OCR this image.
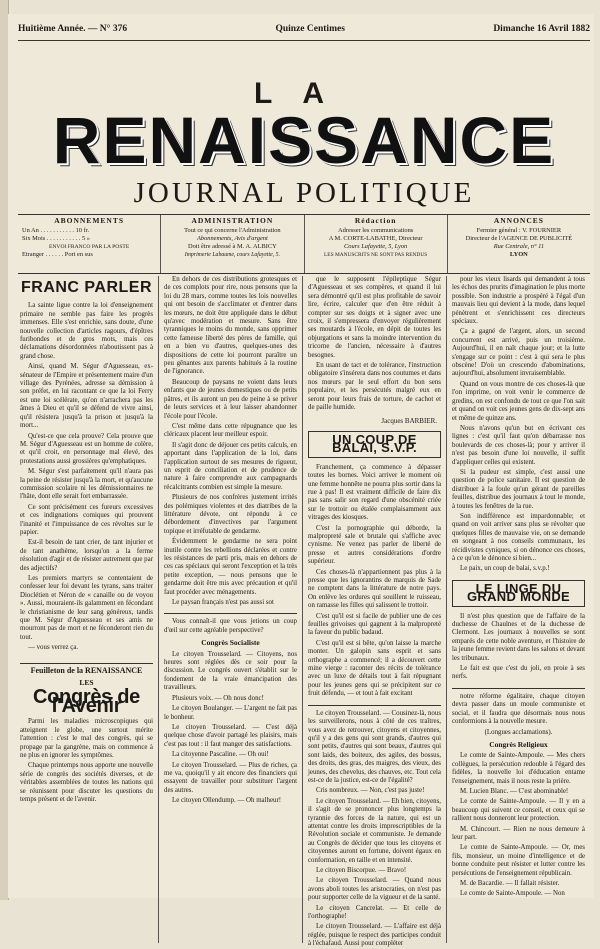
Huitième Année. — N° 376	Quinze Centimes	Dimanche 16 Avril 1882
LA
RENAISSANCE
JOURNAL POLITIQUE
ABONNEMENTS
Un An . . . . . . . . . . . 10 fr.
Six Mois . . . . . . . . . . . 5 »
ENVOI FRANCO PAR LA POSTE
Etranger . . . . . . Port en sus
ADMINISTRATION
Tout ce qui concerne l'Administration
Abonnements, Avis d'argent
Doit être adressé à M. A. ALBICY
Imprimerie Labaume, cours Lafayette, 5.
Rédaction
Adresser les communications
A M. CORTE-LABATHE, Directeur
Cours Lafayette, 5, Lyon
LES MANUSCRITS NE SONT PAS RENDUS
ANNONCES
Fermier général : V. FOURNIER
Directeur de l'AGENCE DE PUBLICITÉ
Rue Centrale, n° 11
LYON
FRANC PARLER

La sainte ligue contre la loi d'enseignement primaire ne semble pas faire les progrès immenses. Elle s'est enrichie, sans doute, d'une nouvelle collection d'articles ragours, d'épîtres furibondes et de gros mots, mais ces déclamations désordonnées n'aboutissent pas à grand chose.

Ainsi, quand M. Ségur d'Aguesseau, ex-sénateur de l'Empire et présentement maire d'un village des Pyrénées, adresse sa démission à son préfet, en lui racontant ce que la loi Ferry est une loi scélérate, qu'on n'arrachera pas les âmes à Dieu et qu'il se défend de vivre ainsi, qu'il résistera jusqu'à la prison et jusqu'à la mort...

Qu'est-ce que cela prouve? Cela prouve que M. Ségur d'Aguesseau est un homme de colère, et qu'il croit, en personnage mal élevé, des protestations aussi grossières qu'emphatiques.

M. Ségur s'est parfaitement qu'il n'aura pas la peine de résister jusqu'à la mort, et qu'aucune commission scolaire ni les démissionnaires ne l'hâte, dont elle serait fort embarrassée.

Ce sont précisément ces fureurs excessives et ces indignations comiques qui prouvent l'inanité et l'impuissance de ces révoltes sur le papier.

Est-il besoin de tant crier, de tant injurier et de tant anathème, lorsqu'on a la ferme résolution d'agir et de résister autrement que par des adjectifs?

Les premiers martyrs se contentaient de confesser leur foi devant les tyrans, sans traiter Dioclétien et Néron de « canaille ou de voyou ». Aussi, mouraient-ils galamment en fécondant le christianisme de leur sang généreux, tandis que M. Ségur d'Aguesseau et ses amis ne mourront pas de mort et ne féconderont rien du tout.

— vous verrez ça.

Feuilleton de la RENAISSANCE
LES
Congrès de l'Avenir

Parmi les maladies microscopiques qui atteignent le globe, une surtout mérite l'attention : c'est le mal des congrès, qui se propage par la gangrène, mais on commence à ne plus en ignorer les symptômes.

Chaque printemps nous apporte une nouvelle série de congrès des sociétés diverses, et de véritables assemblées de toutes les nations qui se réunissent pour discuter les questions du temps présent et de l'avenir.

En dehors de ces distributions grotesques et de ces complots pour rire, nous pensons que la loi du 28 mars, comme toutes les lois nouvelles qui ont besoin de s'acclimater et d'entrer dans les mœurs, ne doit être appliquée dans le début qu'avec modération et mesure. Sans être tyranniques le moins du monde, sans opprimer cette fameuse liberté des pères de famille, qui en a bien vu d'autres, quelques-unes des dispositions de cette loi pourront paraître un peu gênantes aux parents habitués à la routine de l'ignorance.

Beaucoup de paysans ne voient dans leurs enfants que de jeunes domestiques ou de petits pâtres, et ils auront un peu de peine à se priver de leurs services et à leur laisser abandonner l'école pour l'école.

C'est même dans cette répugnance que les cléricaux placent leur meilleur espoir.

Il s'agit donc de déjouer ces petits calculs, en apportant dans l'application de la loi, dans l'application surtout de ses mesures de rigueur, un esprit de conciliation et de prudence de nature à faire comprendre aux campagnards récalcitrants combien est simple la mesure.

Plusieurs de nos confrères justement irrités des polémiques violentes et des diatribes de la littérature dévote, ont répondu à ce débordement d'invectives par l'argument topique et irréfutable de gendarme.

Évidemment le gendarme ne sera point inutile contre les rebellions déclarées et contre les résistances de parti pris, mais en dehors de ces cas spéciaux qui seront l'exception et la très petite exception, — nous pensons que le gendarme doit être mis avec précaution et qu'il faut procéder avec ménagements.

Le paysan français n'est pas aussi sot

Vous connaît-il que vous jetions un coup d'œil sur cette agréable perspective?

Congrès Socialiste

Le citoyen Trousselard. — Citoyens, nos heures sont réglées dès ce soir pour la discussion. Le congrès ouvert s'établit sur le fondement de la vraie émancipation des travailleurs.

Plusieurs voix. — Oh nous donc!

Le citoyen Boulanger. — L'argent ne fait pas le bonheur.

Le citoyen Trousselard. — C'est déjà quelque chose d'avoir partagé les plaisirs, mais c'est pas tout : il faut manger des satisfactions.

La citoyenne Pascaline. — Oh oui!

Le citoyen Trousselard. — Plus de riches, ça me va, quoiqu'il y ait encore des financiers qui essayent de travailler pour substituer l'argent des autres.

Le citoyen Ollendump. — Oh malheur!

que le supposent l'épileptique Ségur d'Aguesseau et ses compères, et quand il lui sera démontré qu'il est plus profitable de savoir lire, écrire, calculer que d'en être réduit à compter sur ses doigts et à signer avec une croix, il s'empressera d'envoyer régulièrement ses moutards à l'école, en dépit de toutes les objurgations et sans la moindre intervention du tricorne de l'ancien, nécessaire à d'autres besognes.

En usant de tact et de tolérance, l'instruction obligatoire s'insérera dans nos coutumes et dans nos mœurs par le seul effort du bon sens populaire, et les persécutés malgré eux en seront pour leurs frais de torture, de cachot et de paille humide.

Jacques BARBIER.
UN COUP DE BALAI, S.V.P.

Franchement, ça commence à dépasser toutes les bornes. Voici arriver le moment où une femme honnête ne pourra plus sortir dans la rue à pas! Il est vraiment difficile de faire dix pas sans salir son regard d'une obscénité criée sur le trottoir ou étalée complaisamment aux vitrages des kiosques.

C'est la pornographie qui déborde, la malpropreté sale et brutale qui s'affiche avec cynisme. Ne venez pas parler de liberté de presse et autres considérations d'ordre supérieur.

Ces choses-là n'appartiennent pas plus à la presse que les ignorantins de marquis de Sade ne comptent dans la littérature de notre pays. On enlève les ordures qui souillent le ruisseau, on ramasse les filles qui salissent le trottoir.

C'est qu'il est si facile de publier une de ces feuilles grivoises qui gagnent à la malpropreté la faveur du public badaud.

C'est qu'il est si bête, qu'on laisse la marche monter. Un galopin sans esprit et sans orthographe a commencé; il a découvert cette mine vierge : raconter des récits de tolérance avec un luxe de détails tout à fait répugnant pour les jeunes gens qui se précipitent sur ce fruit défendu, — et tout à fait excitant

Le citoyen Trousselard. — Cousinez-là, nous les surveillerons, nous à côté de ces traîtres, vous avez de retrouver, citoyens et citoyennes, qu'il y a des gens qui sont grands, d'autres qui sont petits, d'autres qui sont beaux, d'autres qui sont laids, des boiteux, des agiles, des bossus, des droits, des gras, des maigres, des vieux, des jeunes, des chevelus, des chauves, etc. Tout cela est-ce de la justice, est-ce de l'égalité?

Cris nombreux. — Non, c'est pas juste!

Le citoyen Trousselard. — Eh bien, citoyens, il s'agit de se prononcer plus longtemps la tyrannie des forces de la nature, qui est un attentat contre les droits imprescriptibles de la Révolution sociale et communiste. Je demande au Congrès de décider que tous les citoyens et citoyennes auront en fortune, doivent égaux en conformation, en taille et en intensité.

Le citoyen Biscorpue. — Bravo!

Le citoyen Trousselard. — Quand nous avons aboli toutes les aristocraties, on n'est pas pour supporter celle de la vigueur et de la santé.

Le citoyen Cancrelat. — Et celle de l'orthographe!

Le citoyen Trousselard. — L'affaire est déjà réglée, puisque le respect des participes conduit à l'échafaud. Aussi pour compléter

pour les vieux lisards qui demandent à tous les échos des prurits d'imagination le plus morte possible. Son industrie a prospéré à l'égal d'un mauvais lieu qui devient à la mode, dans lequel pénètrent et s'enrichissent ces directeurs spéciaux.

Ça a gagné de l'argent, alors, un second concurrent est arrivé, puis un troisième. Aujourd'hui, il en naît chaque jour; et la lutte s'engage sur ce point : c'est à qui sera le plus obscène! D'où un crescendo d'abominations, aujourd'hui, absolument invraisemblable.

Quand on vous montre de ces choses-là que l'on imprime, on voit venir le commerce de gredins, on est confondu de tout ce que l'on sait et quand on voit ces jeunes gens de dix-sept ans et même de quinze ans.

Nous n'avons qu'un but en écrivant ces lignes : c'est qu'il faut qu'on débarrasse nos boulevards de ces choses-là; pour y arriver il n'est pas besoin d'une loi nouvelle, il suffit d'appliquer celles qui existent.

Si la pudeur est simple, c'est aussi une question de police sanitaire. Il est question de distribuer à la foule qu'un gérant de pareilles feuilles, distribue des journaux à tout le monde, à toutes les fenêtres de la rue.

Son indifférence est impardonnable; et quand on voit arriver sans plus se révolter que quelques filles de mauvaise vie, on se demande en songeant à nos conseils communaux, les récidivistes cyniques, si on dénonce ces choses, à ce qu'on le dénonce si bien...

Le paix, un coup de balai, s.v.p.!

LE LINGE DU GRAND MONDE

Il n'est plus question que de l'affaire de la duchesse de Chaulnes et de la duchesse de Clermont. Les journaux à nouvelles se sont emparés de cette noble aventure, et l'histoire de la jeune femme revient dans les salons et devant les tribunaux.

Le fait est que c'est du joli, en proie à ses nerfs.

notre réforme égalitaire, chaque citoyen devra passer dans un moule communiste et social, et il faudra que désormais nous nous conformions à la nouvelle mesure.

(Longues acclamations).

Congrès Religieux

Le comte de Sainte-Ampoule. — Mes chers collègues, la persécution redouble à l'égard des fidèles, la nouvelle loi d'éducation entame l'enseignement, mais il nous reste la prière.

M. Lucien Blanc. — C'est abominable!

Le comte de Sainte-Ampoule. — Il y en a beaucoup qui suivent ce conseil, et ceux qui se rallient nous donneront leur protection.

M. Chincourt. — Rien ne nous demeure à leur part.

Le comte de Sainte-Ampoule. — Or, mes fils, monsieur, un moine d'intelligence et de bonne conduite peut résister et lutter contre les persécutions de l'enseignement républicain.

M. de Bacardie. — Il fallait résister.

Le comte de Sainte-Ampoule. — Non
